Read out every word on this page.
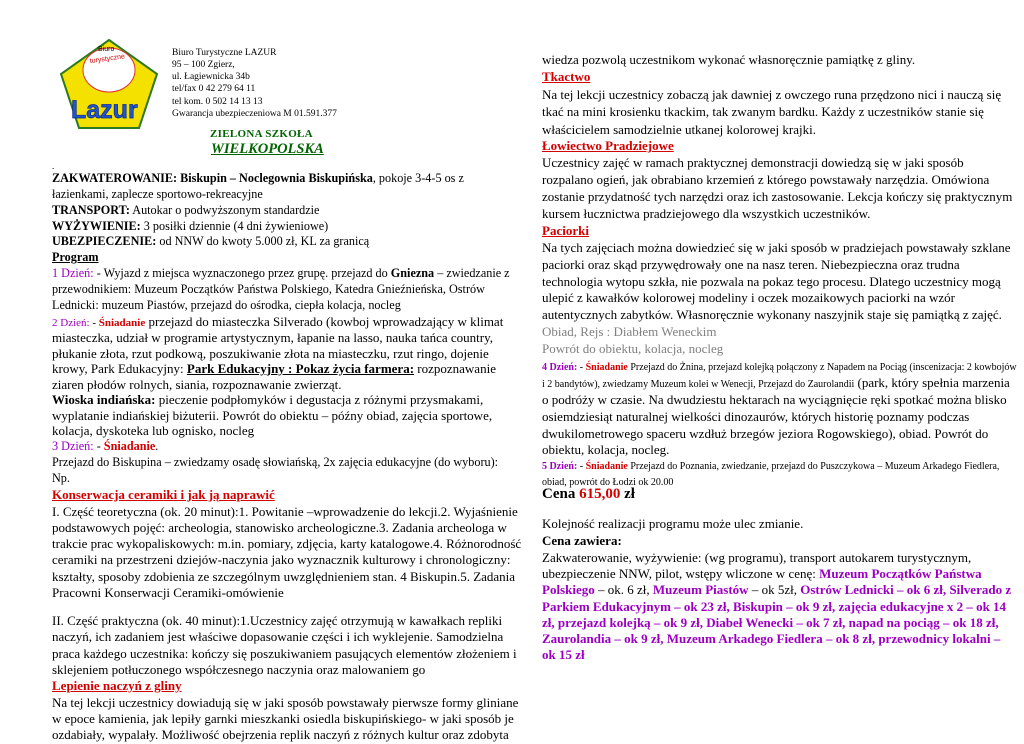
Biuro
turystyczne
Lazur
Biuro Turystyczne LAZUR
95 – 100 Zgierz,
ul. Łagiewnicka 34b
tel/fax 0 42 279 64 11
tel kom. 0 502 14 13 13
Gwarancja ubezpieczeniowa M 01.591.377
ZIELONA SZKOŁA
WIELKOPOLSKA

.

ZAKWATEROWANIE: Biskupin – Noclegownia Biskupińska, pokoje 3-4-5 os z łazienkami, zaplecze sportowo-rekreacyjne

TRANSPORT: Autokar o podwyższonym standardzie

WYŻYWIENIE: 3 posiłki dziennie (4 dni żywieniowe)

UBEZPIECZENIE: od NNW do kwoty 5.000 zł, KL za granicą

Program

1 Dzień: - Wyjazd z miejsca wyznaczonego przez grupę. przejazd do Gniezna – zwiedzanie z przewodnikiem: Muzeum Początków Państwa Polskiego, Katedra Gnieźnieńska, Ostrów Lednicki: muzeum Piastów, przejazd do ośrodka, ciepła kolacja, nocleg

2 Dzień: - Śniadanie przejazd do miasteczka Silverado (kowboj wprowadzający w klimat miasteczka, udział w programie artystycznym, łapanie na lasso, nauka tańca country, płukanie złota, rzut podkową, poszukiwanie złota na miasteczku, rzut ringo, dojenie krowy, Park Edukacyjny: Park Edukacyjny : Pokaz życia farmera: rozpoznawanie ziaren płodów rolnych, siania, rozpoznawanie zwierząt.

Wioska indiańska: pieczenie podpłomyków i degustacja z różnymi przysmakami, wyplatanie indiańskiej biżuterii. Powrót do obiektu – późny obiad, zajęcia sportowe, kolacja, dyskoteka lub ognisko, nocleg

3 Dzień: - Śniadanie.

Przejazd do Biskupina – zwiedzamy osadę słowiańską, 2x zajęcia edukacyjne (do wyboru):

Np.

Konserwacja ceramiki i jak ją naprawić

I. Część teoretyczna (ok. 20 minut):1. Powitanie –wprowadzenie do lekcji.2. Wyjaśnienie podstawowych pojęć: archeologia, stanowisko archeologiczne.3. Zadania archeologa w trakcie prac wykopaliskowych: m.in. pomiary, zdjęcia, karty katalogowe.4. Różnorodność ceramiki na przestrzeni dziejów-naczynia jako wyznacznik kulturowy i chronologiczny: kształty, sposoby zdobienia ze szczególnym uwzględnieniem stan. 4 Biskupin.5. Zadania Pracowni Konserwacji Ceramiki-omówienie

II. Część praktyczna (ok. 40 minut):1.Uczestnicy zajęć otrzymują w kawałkach repliki naczyń, ich zadaniem jest właściwe dopasowanie części i ich wyklejenie. Samodzielna praca każdego uczestnika: kończy się poszukiwaniem pasujących elementów złożeniem i sklejeniem potłuczonego współczesnego naczynia oraz malowaniem go

Lepienie naczyń z gliny

Na tej lekcji uczestnicy dowiadują się w jaki sposób powstawały pierwsze formy gliniane w epoce kamienia, jak lepiły garnki mieszkanki osiedla biskupińskiego- w jaki sposób je ozdabiały, wypalały. Możliwość obejrzenia replik naczyń z różnych kultur oraz zdobyta

wiedza pozwolą uczestnikom wykonać własnoręcznie pamiątkę z gliny.

Tkactwo

Na tej lekcji uczestnicy zobaczą jak dawniej z owczego runa przędzono nici i nauczą się tkać na mini krosienku tkackim, tak zwanym bardku. Każdy z uczestników stanie się właścicielem samodzielnie utkanej kolorowej krajki.

Łowiectwo Pradziejowe

Uczestnicy zajęć w ramach praktycznej demonstracji dowiedzą się w jaki sposób rozpalano ogień, jak obrabiano krzemień z którego powstawały narzędzia. Omówiona zostanie przydatność tych narzędzi oraz ich zastosowanie. Lekcja kończy się praktycznym kursem łucznictwa pradziejowego dla wszystkich uczestników.

Paciorki

Na tych zajęciach można dowiedzieć się w jaki sposób w pradziejach powstawały szklane paciorki oraz skąd przywędrowały one na nasz teren. Niebezpieczna oraz trudna technologia wytopu szkła, nie pozwala na pokaz tego procesu. Dlatego uczestnicy mogą ulepić z kawałków kolorowej modeliny i oczek mozaikowych paciorki na wzór autentycznych zabytków. Własnoręcznie wykonany naszyjnik staje się pamiątką z zajęć.

Obiad, Rejs : Diabłem Weneckim

Powrót do obiektu, kolacja, nocleg

4 Dzień: - Śniadanie Przejazd do Żnina, przejazd kolejką połączony z Napadem na Pociąg (inscenizacja: 2 kowbojów i 2 bandytów), zwiedzamy Muzeum kolei w Wenecji, Przejazd do Zaurolandii (park, który spełnia marzenia o podróży w czasie. Na dwudziestu hektarach na wyciągnięcie ręki spotkać można blisko osiemdziesiąt naturalnej wielkości dinozaurów, których historię poznamy podczas dwukilometrowego spaceru wzdłuż brzegów jeziora Rogowskiego), obiad. Powrót do obiektu, kolacja, nocleg.

5 Dzień: - Śniadanie Przejazd do Poznania, zwiedzanie, przejazd do Puszczykowa – Muzeum Arkadego Fiedlera, obiad, powrót do Łodzi ok 20.00

Cena 615,00 zł

Kolejność realizacji programu może ulec zmianie.

Cena zawiera:

Zakwaterowanie, wyżywienie: (wg programu), transport autokarem turystycznym, ubezpieczenie NNW, pilot, wstępy wliczone w cenę: Muzeum Początków Państwa Polskiego – ok. 6 zł, Muzeum Piastów – ok 5zł, Ostrów Lednicki – ok 6 zł, Silverado z Parkiem Edukacyjnym – ok 23 zł, Biskupin – ok 9 zł, zajęcia edukacyjne x 2 – ok 14 zł, przejazd kolejką – ok 9 zł, Diabeł Wenecki – ok 7 zł, napad na pociąg – ok 18 zł, Zaurolandia – ok 9 zł, Muzeum Arkadego Fiedlera – ok 8 zł, przewodnicy lokalni – ok 15 zł
